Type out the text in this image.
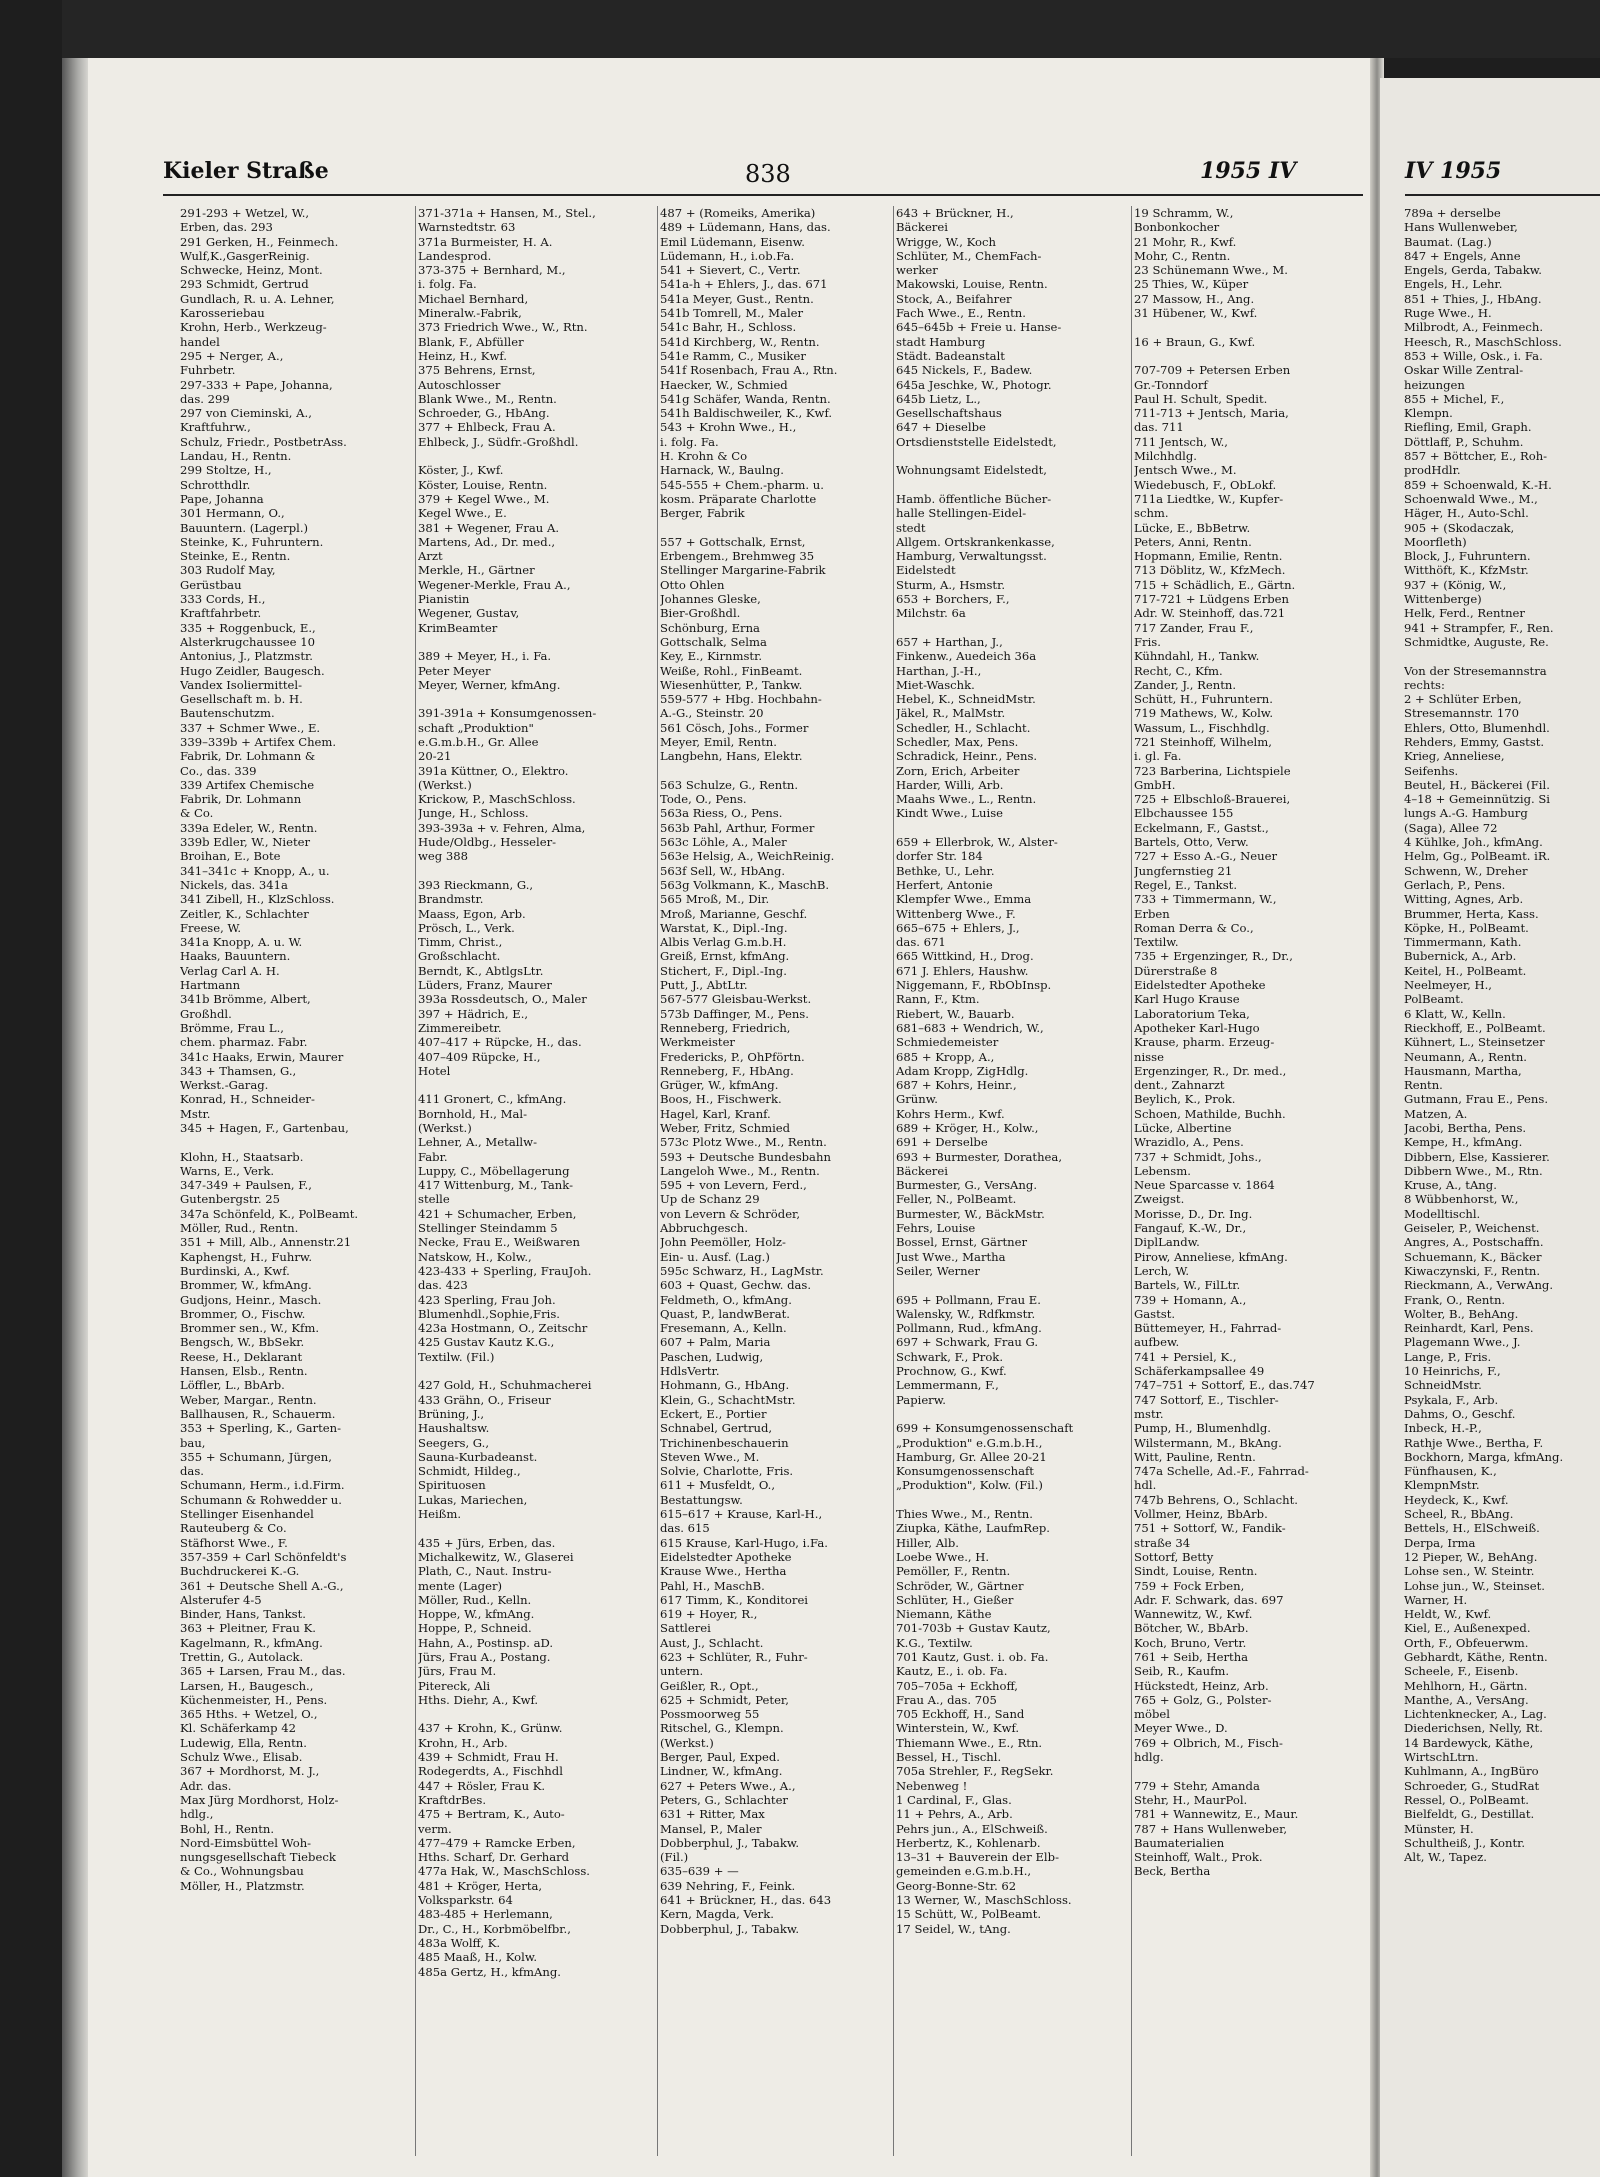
Kieler Straße	838	1955 IV	IV 1955
291-293 + Wetzel, W.,
Erben, das. 293
291 Gerken, H., Feinmech.
Wulf,K.,GasgerReinig.
Schwecke, Heinz, Mont.
293 Schmidt, Gertrud
Gundlach, R. u. A. Lehner,
Karosseriebau
Krohn, Herb., Werkzeug-
handel
295 + Nerger, A.,
Fuhrbetr.
297-333 + Pape, Johanna,
das. 299
297 von Cieminski, A.,
Kraftfuhrw.,
Schulz, Friedr., PostbetrAss.
Landau, H., Rentn.
299 Stoltze, H.,
Schrotthdlr.
Pape, Johanna
301 Hermann, O.,
Bauuntern. (Lagerpl.)
Steinke, K., Fuhruntern.
Steinke, E., Rentn.
303 Rudolf May,
Gerüstbau
333 Cords, H.,
Kraftfahrbetr.
335 + Roggenbuck, E.,
Alsterkrugchaussee 10
Antonius, J., Platzmstr.
Hugo Zeidler, Baugesch.
Vandex Isoliermittel-
Gesellschaft m. b. H.
Bautenschutzm.
337 + Schmer Wwe., E.
339–339b + Artifex Chem.
Fabrik, Dr. Lohmann &
Co., das. 339
339 Artifex Chemische
Fabrik, Dr. Lohmann
& Co.
339a Edeler, W., Rentn.
339b Edler, W., Nieter
Broihan, E., Bote
341–341c + Knopp, A., u.
Nickels, das. 341a
341 Zibell, H., KlzSchloss.
Zeitler, K., Schlachter
Freese, W.
341a Knopp, A. u. W.
Haaks, Bauuntern.
Verlag Carl A. H.
Hartmann
341b Brömme, Albert,
Großhdl.
Brömme, Frau L.,
chem. pharmaz. Fabr.
341c Haaks, Erwin, Maurer
343 + Thamsen, G.,
Werkst.-Garag.
Konrad, H., Schneider-
Mstr.
345 + Hagen, F., Gartenbau,
Klohn, H., Staatsarb.
Warns, E., Verk.
347-349 + Paulsen, F.,
Gutenbergstr. 25
347a Schönfeld, K., PolBeamt.
Möller, Rud., Rentn.
351 + Mill, Alb., Annenstr.21
Kaphengst, H., Fuhrw.
Burdinski, A., Kwf.
Brommer, W., kfmAng.
Gudjons, Heinr., Masch.
Brommer, O., Fischw.
Brommer sen., W., Kfm.
Bengsch, W., BbSekr.
Reese, H., Deklarant
Hansen, Elsb., Rentn.
Löffler, L., BbArb.
Weber, Margar., Rentn.
Ballhausen, R., Schauerm.
353 + Sperling, K., Garten-
bau,
355 + Schumann, Jürgen,
das.
Schumann, Herm., i.d.Firm.
Schumann & Rohwedder u.
Stellinger Eisenhandel
Rauteuberg & Co.
Stäfhorst Wwe., F.
357-359 + Carl Schönfeldt's
Buchdruckerei K.-G.
361 + Deutsche Shell A.-G.,
Alsterufer 4-5
Binder, Hans, Tankst.
363 + Pleitner, Frau K.
Kagelmann, R., kfmAng.
Trettin, G., Autolack.
365 + Larsen, Frau M., das.
Larsen, H., Baugesch.,
Küchenmeister, H., Pens.
365 Hths. + Wetzel, O.,
Kl. Schäferkamp 42
Ludewig, Ella, Rentn.
Schulz Wwe., Elisab.
367 + Mordhorst, M. J.,
Adr. das.
Max Jürg Mordhorst, Holz-
hdlg.,
Bohl, H., Rentn.
Nord-Eimsbüttel Woh-
nungsgesellschaft Tiebeck
& Co., Wohnungsbau
Möller, H., Platzmstr.
371-371a + Hansen, M., Stel.,
Warnstedtstr. 63
371a Burmeister, H. A.
Landesprod.
373-375 + Bernhard, M.,
i. folg. Fa.
Michael Bernhard,
Mineralw.-Fabrik,
373 Friedrich Wwe., W., Rtn.
Blank, F., Abfüller
Heinz, H., Kwf.
375 Behrens, Ernst,
Autoschlosser
Blank Wwe., M., Rentn.
Schroeder, G., HbAng.
377 + Ehlbeck, Frau A.
Ehlbeck, J., Südfr.-Großhdl.
Köster, J., Kwf.
Köster, Louise, Rentn.
379 + Kegel Wwe., M.
Kegel Wwe., E.
381 + Wegener, Frau A.
Martens, Ad., Dr. med.,
Arzt
Merkle, H., Gärtner
Wegener-Merkle, Frau A.,
Pianistin
Wegener, Gustav,
KrimBeamter
389 + Meyer, H., i. Fa.
Peter Meyer
Meyer, Werner, kfmAng.
391-391a + Konsumgenossen-
schaft „Produktion"
e.G.m.b.H., Gr. Allee
20-21
391a Küttner, O., Elektro.
(Werkst.)
Krickow, P., MaschSchloss.
Junge, H., Schloss.
393-393a + v. Fehren, Alma,
Hude/Oldbg., Hesseler-
weg 388
393 Rieckmann, G.,
Brandmstr.
Maass, Egon, Arb.
Prösch, L., Verk.
Timm, Christ.,
Großschlacht.
Berndt, K., AbtlgsLtr.
Lüders, Franz, Maurer
393a Rossdeutsch, O., Maler
397 + Hädrich, E.,
Zimmereibetr.
407–417 + Rüpcke, H., das.
407–409 Rüpcke, H.,
Hotel
411 Gronert, C., kfmAng.
Bornhold, H., Mal-
(Werkst.)
Lehner, A., Metallw-
Fabr.
Luppy, C., Möbellagerung
417 Wittenburg, M., Tank-
stelle
421 + Schumacher, Erben,
Stellinger Steindamm 5
Necke, Frau E., Weißwaren
Natskow, H., Kolw.,
423-433 + Sperling, FrauJoh.
das. 423
423 Sperling, Frau Joh.
Blumenhdl.,Sophie,Fris.
423a Hostmann, O., Zeitschr
425 Gustav Kautz K.G.,
Textilw. (Fil.)
427 Gold, H., Schuhmacherei
433 Grähn, O., Friseur
Brüning, J.,
Haushaltsw.
Seegers, G.,
Sauna-Kurbadeanst.
Schmidt, Hildeg.,
Spirituosen
Lukas, Mariechen,
Heißm.
435 + Jürs, Erben, das.
Michalkewitz, W., Glaserei
Plath, C., Naut. Instru-
mente (Lager)
Möller, Rud., Kelln.
Hoppe, W., kfmAng.
Hoppe, P., Schneid.
Hahn, A., Postinsp. aD.
Jürs, Frau A., Postang.
Jürs, Frau M.
Pitereck, Ali
Hths. Diehr, A., Kwf.
437 + Krohn, K., Grünw.
Krohn, H., Arb.
439 + Schmidt, Frau H.
Rodegerdts, A., Fischhdl
447 + Rösler, Frau K.
KraftdrBes.
475 + Bertram, K., Auto-
verm.
477–479 + Ramcke Erben,
Hths. Scharf, Dr. Gerhard
477a Hak, W., MaschSchloss.
481 + Kröger, Herta,
Volksparkstr. 64
483-485 + Herlemann,
Dr., C., H., Korbmöbelfbr.,
483a Wolff, K.
485 Maaß, H., Kolw.
485a Gertz, H., kfmAng.
487 + (Romeiks, Amerika)
489 + Lüdemann, Hans, das.
Emil Lüdemann, Eisenw.
Lüdemann, H., i.ob.Fa.
541 + Sievert, C., Vertr.
541a-h + Ehlers, J., das. 671
541a Meyer, Gust., Rentn.
541b Tomrell, M., Maler
541c Bahr, H., Schloss.
541d Kirchberg, W., Rentn.
541e Ramm, C., Musiker
541f Rosenbach, Frau A., Rtn.
Haecker, W., Schmied
541g Schäfer, Wanda, Rentn.
541h Baldischweiler, K., Kwf.
543 + Krohn Wwe., H.,
i. folg. Fa.
H. Krohn & Co
Harnack, W., Baulng.
545-555 + Chem.-pharm. u.
kosm. Präparate Charlotte
Berger, Fabrik
557 + Gottschalk, Ernst,
Erbengem., Brehmweg 35
Stellinger Margarine-Fabrik
Otto Ohlen
Johannes Gleske,
Bier-Großhdl.
Schönburg, Erna
Gottschalk, Selma
Key, E., Kirnmstr.
Weiße, Rohl., FinBeamt.
Wiesenhütter, P., Tankw.
559-577 + Hbg. Hochbahn-
A.-G., Steinstr. 20
561 Cösch, Johs., Former
Meyer, Emil, Rentn.
Langbehn, Hans, Elektr.
563 Schulze, G., Rentn.
Tode, O., Pens.
563a Riess, O., Pens.
563b Pahl, Arthur, Former
563c Löhle, A., Maler
563e Helsig, A., WeichReinig.
563f Sell, W., HbAng.
563g Volkmann, K., MaschB.
565 Mroß, M., Dir.
Mroß, Marianne, Geschf.
Warstat, K., Dipl.-Ing.
Albis Verlag G.m.b.H.
Greiß, Ernst, kfmAng.
Stichert, F., Dipl.-Ing.
Putt, J., AbtLtr.
567-577 Gleisbau-Werkst.
573b Daffinger, M., Pens.
Renneberg, Friedrich,
Werkmeister
Fredericks, P., OhPförtn.
Renneberg, F., HbAng.
Grüger, W., kfmAng.
Boos, H., Fischwerk.
Hagel, Karl, Kranf.
Weber, Fritz, Schmied
573c Plotz Wwe., M., Rentn.
593 + Deutsche Bundesbahn
Langeloh Wwe., M., Rentn.
595 + von Levern, Ferd.,
Up de Schanz 29
von Levern & Schröder,
Abbruchgesch.
John Peemöller, Holz-
Ein- u. Ausf. (Lag.)
595c Schwarz, H., LagMstr.
603 + Quast, Gechw. das.
Feldmeth, O., kfmAng.
Quast, P., landwBerat.
Fresemann, A., Kelln.
607 + Palm, Maria
Paschen, Ludwig,
HdlsVertr.
Hohmann, G., HbAng.
Klein, G., SchachtMstr.
Eckert, E., Portier
Schnabel, Gertrud,
Trichinenbeschauerin
Steven Wwe., M.
Solvie, Charlotte, Fris.
611 + Musfeldt, O.,
Bestattungsw.
615–617 + Krause, Karl-H.,
das. 615
615 Krause, Karl-Hugo, i.Fa.
Eidelstedter Apotheke
Krause Wwe., Hertha
Pahl, H., MaschB.
617 Timm, K., Konditorei
619 + Hoyer, R.,
Sattlerei
Aust, J., Schlacht.
623 + Schlüter, R., Fuhr-
untern.
Geißler, R., Opt.,
625 + Schmidt, Peter,
Possmoorweg 55
Ritschel, G., Klempn.
(Werkst.)
Berger, Paul, Exped.
Lindner, W., kfmAng.
627 + Peters Wwe., A.,
Peters, G., Schlachter
631 + Ritter, Max
Mansel, P., Maler
Dobberphul, J., Tabakw.
(Fil.)
635–639 + —
639 Nehring, F., Feink.
641 + Brückner, H., das. 643
Kern, Magda, Verk.
Dobberphul, J., Tabakw.
643 + Brückner, H.,
Bäckerei
Wrigge, W., Koch
Schlüter, M., ChemFach-
werker
Makowski, Louise, Rentn.
Stock, A., Beifahrer
Fach Wwe., E., Rentn.
645–645b + Freie u. Hanse-
stadt Hamburg
Städt. Badeanstalt
645 Nickels, F., Badew.
645a Jeschke, W., Photogr.
645b Lietz, L.,
Gesellschaftshaus
647 + Dieselbe
Ortsdienststelle Eidelstedt,
Wohnungsamt Eidelstedt,
Hamb. öffentliche Bücher-
halle Stellingen-Eidel-
stedt
Allgem. Ortskrankenkasse,
Hamburg, Verwaltungsst.
Eidelstedt
Sturm, A., Hsmstr.
653 + Borchers, F.,
Milchstr. 6a
657 + Harthan, J.,
Finkenw., Auedeich 36a
Harthan, J.-H.,
Miet-Waschk.
Hebel, K., SchneidMstr.
Jäkel, R., MalMstr.
Schedler, H., Schlacht.
Schedler, Max, Pens.
Schradick, Heinr., Pens.
Zorn, Erich, Arbeiter
Harder, Willi, Arb.
Maahs Wwe., L., Rentn.
Kindt Wwe., Luise
659 + Ellerbrok, W., Alster-
dorfer Str. 184
Bethke, U., Lehr.
Herfert, Antonie
Klempfer Wwe., Emma
Wittenberg Wwe., F.
665–675 + Ehlers, J.,
das. 671
665 Wittkind, H., Drog.
671 J. Ehlers, Haushw.
Niggemann, F., RbObInsp.
Rann, F., Ktm.
Riebert, W., Bauarb.
681–683 + Wendrich, W.,
Schmiedemeister
685 + Kropp, A.,
Adam Kropp, ZigHdlg.
687 + Kohrs, Heinr.,
Grünw.
Kohrs Herm., Kwf.
689 + Kröger, H., Kolw.,
691 + Derselbe
693 + Burmester, Dorathea,
Bäckerei
Burmester, G., VersAng.
Feller, N., PolBeamt.
Burmester, W., BäckMstr.
Fehrs, Louise
Bossel, Ernst, Gärtner
Just Wwe., Martha
Seiler, Werner
695 + Pollmann, Frau E.
Walensky, W., Rdfkmstr.
Pollmann, Rud., kfmAng.
697 + Schwark, Frau G.
Schwark, F., Prok.
Prochnow, G., Kwf.
Lemmermann, F.,
Papierw.
699 + Konsumgenossenschaft
„Produktion" e.G.m.b.H.,
Hamburg, Gr. Allee 20-21
Konsumgenossenschaft
„Produktion", Kolw. (Fil.)
Thies Wwe., M., Rentn.
Ziupka, Käthe, LaufmRep.
Hiller, Alb.
Loebe Wwe., H.
Pemöller, F., Rentn.
Schröder, W., Gärtner
Schlüter, H., Gießer
Niemann, Käthe
701-703b + Gustav Kautz,
K.G., Textilw.
701 Kautz, Gust. i. ob. Fa.
Kautz, E., i. ob. Fa.
705–705a + Eckhoff,
Frau A., das. 705
705 Eckhoff, H., Sand
Winterstein, W., Kwf.
Thiemann Wwe., E., Rtn.
Bessel, H., Tischl.
705a Strehler, F., RegSekr.
Nebenweg !
1 Cardinal, F., Glas.
11 + Pehrs, A., Arb.
Pehrs jun., A., ElSchweiß.
Herbertz, K., Kohlenarb.
13–31 + Bauverein der Elb-
gemeinden e.G.m.b.H.,
Georg-Bonne-Str. 62
13 Werner, W., MaschSchloss.
15 Schütt, W., PolBeamt.
17 Seidel, W., tAng.
19 Schramm, W.,
Bonbonkocher
21 Mohr, R., Kwf.
Mohr, C., Rentn.
23 Schünemann Wwe., M.
25 Thies, W., Küper
27 Massow, H., Ang.
31 Hübener, W., Kwf.
16 + Braun, G., Kwf.
707-709 + Petersen Erben
Gr.-Tonndorf
Paul H. Schult, Spedit.
711-713 + Jentsch, Maria,
das. 711
711 Jentsch, W.,
Milchhdlg.
Jentsch Wwe., M.
Wiedebusch, F., ObLokf.
711a Liedtke, W., Kupfer-
schm.
Lücke, E., BbBetrw.
Peters, Anni, Rentn.
Hopmann, Emilie, Rentn.
713 Döblitz, W., KfzMech.
715 + Schädlich, E., Gärtn.
717-721 + Lüdgens Erben
Adr. W. Steinhoff, das.721
717 Zander, Frau F.,
Fris.
Kühndahl, H., Tankw.
Recht, C., Kfm.
Zander, J., Rentn.
Schütt, H., Fuhruntern.
719 Mathews, W., Kolw.
Wassum, L., Fischhdlg.
721 Steinhoff, Wilhelm,
i. gl. Fa.
723 Barberina, Lichtspiele
GmbH.
725 + Elbschloß-Brauerei,
Elbchaussee 155
Eckelmann, F., Gastst.,
Bartels, Otto, Verw.
727 + Esso A.-G., Neuer
Jungfernstieg 21
Regel, E., Tankst.
733 + Timmermann, W.,
Erben
Roman Derra & Co.,
Textilw.
735 + Ergenzinger, R., Dr.,
Dürerstraße 8
Eidelstedter Apotheke
Karl Hugo Krause
Laboratorium Teka,
Apotheker Karl-Hugo
Krause, pharm. Erzeug-
nisse
Ergenzinger, R., Dr. med.,
dent., Zahnarzt
Beylich, K., Prok.
Schoen, Mathilde, Buchh.
Lücke, Albertine
Wrazidlo, A., Pens.
737 + Schmidt, Johs.,
Lebensm.
Neue Sparcasse v. 1864
Zweigst.
Morisse, D., Dr. Ing.
Fangauf, K.-W., Dr.,
DiplLandw.
Pirow, Anneliese, kfmAng.
Lerch, W.
Bartels, W., FilLtr.
739 + Homann, A.,
Gastst.
Büttemeyer, H., Fahrrad-
aufbew.
741 + Persiel, K.,
Schäferkampsallee 49
747–751 + Sottorf, E., das.747
747 Sottorf, E., Tischler-
mstr.
Pump, H., Blumenhdlg.
Wilstermann, M., BkAng.
Witt, Pauline, Rentn.
747a Schelle, Ad.-F., Fahrrad-
hdl.
747b Behrens, O., Schlacht.
Vollmer, Heinz, BbArb.
751 + Sottorf, W., Fandik-
straße 34
Sottorf, Betty
Sindt, Louise, Rentn.
759 + Fock Erben,
Adr. F. Schwark, das. 697
Wannewitz, W., Kwf.
Bötcher, W., BbArb.
Koch, Bruno, Vertr.
761 + Seib, Hertha
Seib, R., Kaufm.
Hückstedt, Heinz, Arb.
765 + Golz, G., Polster-
möbel
Meyer Wwe., D.
769 + Olbrich, M., Fisch-
hdlg.
779 + Stehr, Amanda
Stehr, H., MaurPol.
781 + Wannewitz, E., Maur.
787 + Hans Wullenweber,
Baumaterialien
Steinhoff, Walt., Prok.
Beck, Bertha
789a + derselbe
Hans Wullenweber,
Baumat. (Lag.)
847 + Engels, Anne
Engels, Gerda, Tabakw.
Engels, H., Lehr.
851 + Thies, J., HbAng.
Ruge Wwe., H.
Milbrodt, A., Feinmech.
Heesch, R., MaschSchloss.
853 + Wille, Osk., i. Fa.
Oskar Wille Zentral-
heizungen
855 + Michel, F.,
Klempn.
Riefling, Emil, Graph.
Döttlaff, P., Schuhm.
857 + Böttcher, E., Roh-
prodHdlr.
859 + Schoenwald, K.-H.
Schoenwald Wwe., M.,
Häger, H., Auto-Schl.
905 + (Skodaczak,
Moorfleth)
Block, J., Fuhruntern.
Witthöft, K., KfzMstr.
937 + (König, W.,
Wittenberge)
Helk, Ferd., Rentner
941 + Strampfer, F., Ren.
Schmidtke, Auguste, Re.
Von der Stresemannstra
rechts:
2 + Schlüter Erben,
Stresemannstr. 170
Ehlers, Otto, Blumenhdl.
Rehders, Emmy, Gastst.
Krieg, Anneliese,
Seifenhs.
Beutel, H., Bäckerei (Fil.
4–18 + Gemeinnützig. Si
lungs A.-G. Hamburg
(Saga), Allee 72
4 Kühlke, Joh., kfmAng.
Helm, Gg., PolBeamt. iR.
Schwenn, W., Dreher
Gerlach, P., Pens.
Witting, Agnes, Arb.
Brummer, Herta, Kass.
Köpke, H., PolBeamt.
Timmermann, Kath.
Bubernick, A., Arb.
Keitel, H., PolBeamt.
Neelmeyer, H.,
PolBeamt.
6 Klatt, W., Kelln.
Rieckhoff, E., PolBeamt.
Kühnert, L., Steinsetzer
Neumann, A., Rentn.
Hausmann, Martha,
Rentn.
Gutmann, Frau E., Pens.
Matzen, A.
Jacobi, Bertha, Pens.
Kempe, H., kfmAng.
Dibbern, Else, Kassierer.
Dibbern Wwe., M., Rtn.
Kruse, A., tAng.
8 Wübbenhorst, W.,
Modelltischl.
Geiseler, P., Weichenst.
Angres, A., Postschaffn.
Schuemann, K., Bäcker
Kiwaczynski, F., Rentn.
Rieckmann, A., VerwAng.
Frank, O., Rentn.
Wolter, B., BehAng.
Reinhardt, Karl, Pens.
Plagemann Wwe., J.
Lange, P., Fris.
10 Heinrichs, F.,
SchneidMstr.
Psykala, F., Arb.
Dahms, O., Geschf.
Inbeck, H.-P.,
Rathje Wwe., Bertha, F.
Bockhorn, Marga, kfmAng.
Fünfhausen, K.,
KlempnMstr.
Heydeck, K., Kwf.
Scheel, R., BbAng.
Bettels, H., ElSchweiß.
Derpa, Irma
12 Pieper, W., BehAng.
Lohse sen., W. Steintr.
Lohse jun., W., Steinset.
Warner, H.
Heldt, W., Kwf.
Kiel, E., Außenexped.
Orth, F., Obfeuerwm.
Gebhardt, Käthe, Rentn.
Scheele, F., Eisenb.
Mehlhorn, H., Gärtn.
Manthe, A., VersAng.
Lichtenknecker, A., Lag.
Diederichsen, Nelly, Rt.
14 Bardewyck, Käthe,
WirtschLtrn.
Kuhlmann, A., IngBüro
Schroeder, G., StudRat
Ressel, O., PolBeamt.
Bielfeldt, G., Destillat.
Münster, H.
Schultheiß, J., Kontr.
Alt, W., Tapez.
